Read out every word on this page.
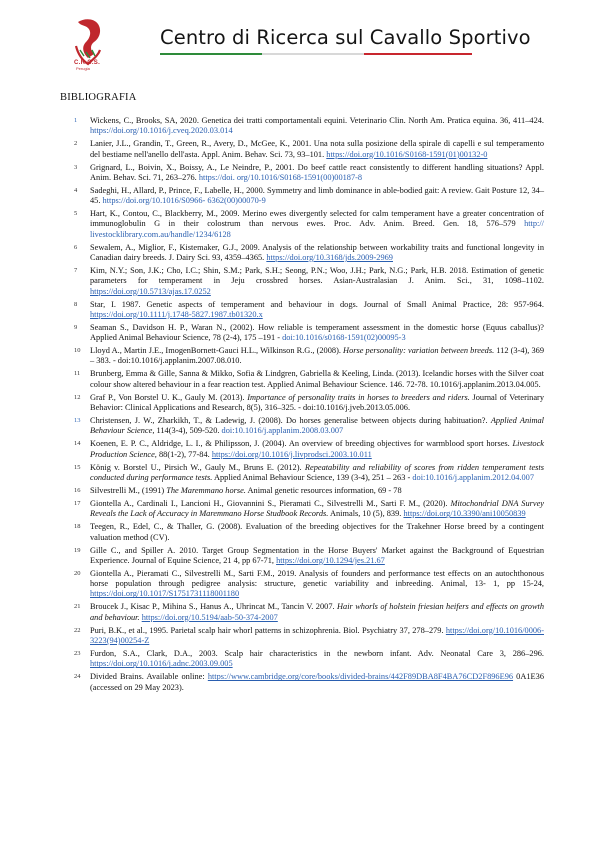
C.R.C.S.
Perugia
Centro di Ricerca sul Cavallo Sportivo
BIBLIOGRAFIA
1 Wickens, C., Brooks, SA, 2020. Genetica dei tratti comportamentali equini. Veterinario Clin. North Am. Pratica equina. 36, 411–424. https://doi.org/10.1016/j.cveq.2020.03.014
2 Lanier, J.L., Grandin, T., Green, R., Avery, D., McGee, K., 2001. Una nota sulla posizione della spirale di capelli e sul temperamento del bestiame nell'anello dell'asta. Appl. Anim. Behav. Sci. 73, 93–101. https://doi.org/10.1016/S0168-1591(01)00132-0
3 Grignard, L., Boivin, X., Boissy, A., Le Neindre, P., 2001. Do beef cattle react consistently to different handling situations? Appl. Anim. Behav. Sci. 71, 263–276. https://doi. org/10.1016/S0168-1591(00)00187-8
4 Sadeghi, H., Allard, P., Prince, F., Labelle, H., 2000. Symmetry and limb dominance in able-bodied gait: A review. Gait Posture 12, 34–45. https://doi.org/10.1016/S0966- 6362(00)00070-9
5 Hart, K., Contou, C., Blackberry, M., 2009. Merino ewes divergently selected for calm temperament have a greater concentration of immunoglobulin G in their colostrum than nervous ewes. Proc. Adv. Anim. Breed. Gen. 18, 576–579 http:// livestocklibrary.com.au/handle/1234/6128
6 Sewalem, A., Miglior, F., Kistemaker, G.J., 2009. Analysis of the relationship between workability traits and functional longevity in Canadian dairy breeds. J. Dairy Sci. 93, 4359–4365. https://doi.org/10.3168/jds.2009-2969
7 Kim, N.Y.; Son, J.K.; Cho, I.C.; Shin, S.M.; Park, S.H.; Seong, P.N.; Woo, J.H.; Park, N.G.; Park, H.B. 2018. Estimation of genetic parameters for temperament in Jeju crossbred horses. Asian-Australasian J. Anim. Sci., 31, 1098–1102. https://doi.org/10.5713/ajas.17.0252
8 Star, I. 1987. Genetic aspects of temperament and behaviour in dogs. Journal of Small Animal Practice, 28: 957-964. https://doi.org/10.1111/j.1748-5827.1987.tb01320.x
9 Seaman S., Davidson H. P., Waran N., (2002). How reliable is temperament assessment in the domestic horse (Equus caballus)? Applied Animal Behaviour Science, 78 (2-4), 175 –191 - doi:10.1016/s0168-1591(02)00095-3
10 Lloyd A., Martin J.E., ImogenBornett-Gauci H.L., Wilkinson R.G., (2008). Horse personality: variation between breeds. 112 (3-4), 369 – 383. - doi:10.1016/j.applanim.2007.08.010.
11 Brunberg, Emma & Gille, Sanna & Mikko, Sofia & Lindgren, Gabriella & Keeling, Linda. (2013). Icelandic horses with the Silver coat colour show altered behaviour in a fear reaction test. Applied Animal Behaviour Science. 146. 72-78. 10.1016/j.applanim.2013.04.005.
12 Graf P., Von Borstel U. K., Gauly M. (2013). Importance of personality traits in horses to breeders and riders. Journal of Veterinary Behavior: Clinical Applications and Research, 8(5), 316–325. - doi:10.1016/j.jveb.2013.05.006.
13 Christensen, J. W., Zharkikh, T., & Ladewig, J. (2008). Do horses generalise between objects during habituation?. Applied Animal Behaviour Science, 114(3-4), 509-520. doi:10.1016/j.applanim.2008.03.007
14 Koenen, E. P. C., Aldridge, L. I., & Philipsson, J. (2004). An overview of breeding objectives for warmblood sport horses. Livestock Production Science, 88(1-2), 77-84. https://doi.org/10.1016/j.livprodsci.2003.10.011
15 König v. Borstel U., Pirsich W., Gauly M., Bruns E. (2012). Repeatability and reliability of scores from ridden temperament tests conducted during performance tests. Applied Animal Behaviour Science, 139 (3-4), 251 – 263 - doi:10.1016/j.applanim.2012.04.007
16 Silvestrelli M., (1991) The Maremmano horse. Animal genetic resources information, 69 - 78
17 Giontella A., Cardinali I., Lancioni H., Giovannini S., Pieramati C., Silvestrelli M., Sarti F. M., (2020). Mitochondrial DNA Survey Reveals the Lack of Accuracy in Maremmano Horse Studbook Records. Animals, 10 (5), 839. https://doi.org/10.3390/ani10050839
18 Teegen, R., Edel, C., & Thaller, G. (2008). Evaluation of the breeding objectives for the Trakehner Horse breed by a contingent valuation method (CV).
19 Gille C., and Spiller A. 2010. Target Group Segmentation in the Horse Buyers' Market against the Background of Equestrian Experience. Journal of Equine Science, 21 4, pp 67-71, https://doi.org/10.1294/jes.21.67
20 Giontella A., Pieramati C., Silvestrelli M., Sarti F.M., 2019. Analysis of founders and performance test effects on an autochthonous horse population through pedigree analysis: structure, genetic variability and inbreeding. Animal, 13- 1, pp 15-24, https://doi.org/10.1017/S1751731118001180
21 Broucek J., Kisac P., Mihina S., Hanus A., Uhrincat M., Tancin V. 2007. Hair whorls of holstein friesian heifers and effects on growth and behaviour. https://doi.org/10.5194/aab-50-374-2007
22 Puri, B.K., et al., 1995. Parietal scalp hair whorl patterns in schizophrenia. Biol. Psychiatry 37, 278–279. https://doi.org/10.1016/0006-3223(94)00254-Z
23 Furdon, S.A., Clark, D.A., 2003. Scalp hair characteristics in the newborn infant. Adv. Neonatal Care 3, 286–296. https://doi.org/10.1016/j.adnc.2003.09.005
24 Divided Brains. Available online: https://www.cambridge.org/core/books/divided-brains/442F89DBA8F4BA76CD2F896E96 0A1E36 (accessed on 29 May 2023).
